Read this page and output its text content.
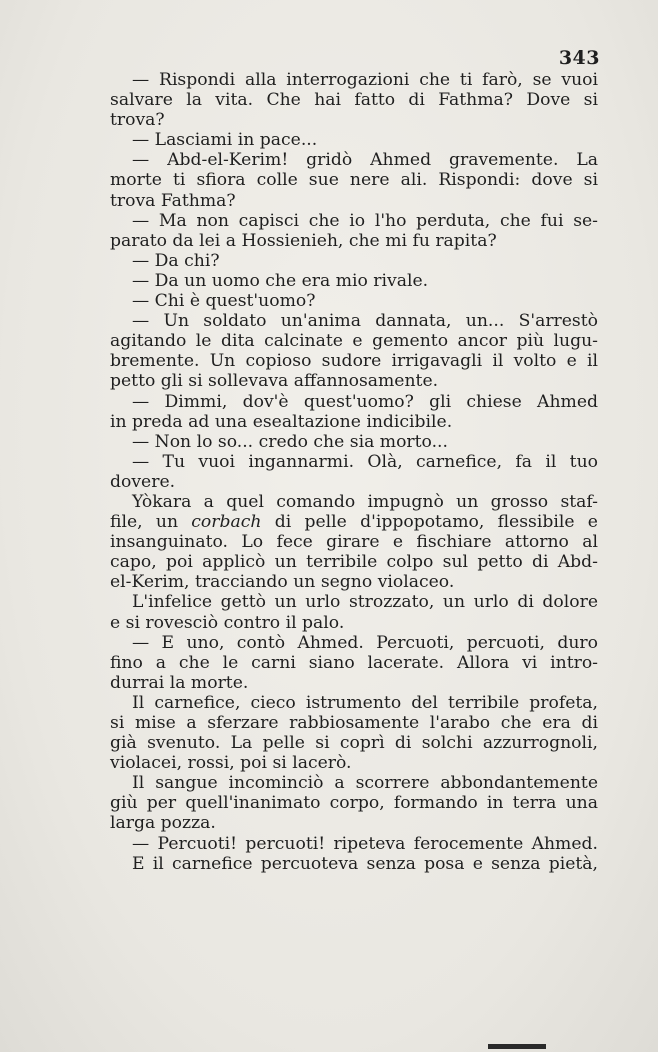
343
— Rispondi alla interrogazioni che ti farò, se vuoi
salvare la vita. Che hai fatto di Fathma? Dove si
trova?
— Lasciami in pace...
— Abd-el-Kerim! gridò Ahmed gravemente. La
morte ti sfiora colle sue nere ali. Rispondi: dove si
trova Fathma?
— Ma non capisci che io l'ho perduta, che fui se-
parato da lei a Hossienieh, che mi fu rapita?
— Da chi?
— Da un uomo che era mio rivale.
— Chi è quest'uomo?
— Un soldato un'anima dannata, un... S'arrestò
agitando le dita calcinate e gemento ancor più lugu-
bremente. Un copioso sudore irrigavagli il volto e il
petto gli si sollevava affannosamente.
— Dimmi, dov'è quest'uomo? gli chiese Ahmed
in preda ad una esealtazione indicibile.
— Non lo so... credo che sia morto...
— Tu vuoi ingannarmi. Olà, carnefice, fa il tuo
dovere.
Yòkara a quel comando impugnò un grosso staf-
file, un corbach di pelle d'ippopotamo, flessibile e
insanguinato. Lo fece girare e fischiare attorno al
capo, poi applicò un terribile colpo sul petto di Abd-
el-Kerim, tracciando un segno violaceo.
L'infelice gettò un urlo strozzato, un urlo di dolore
e si rovesciò contro il palo.
— E uno, contò Ahmed. Percuoti, percuoti, duro
fino a che le carni siano lacerate. Allora vi intro-
durrai la morte.
Il carnefice, cieco istrumento del terribile profeta,
si mise a sferzare rabbiosamente l'arabo che era di
già svenuto. La pelle si coprì di solchi azzurrognoli,
violacei, rossi, poi si lacerò.
Il sangue incominciò a scorrere abbondantemente
giù per quell'inanimato corpo, formando in terra una
larga pozza.
— Percuoti! percuoti! ripeteva ferocemente Ahmed.
E il carnefice percuoteva senza posa e senza pietà,
